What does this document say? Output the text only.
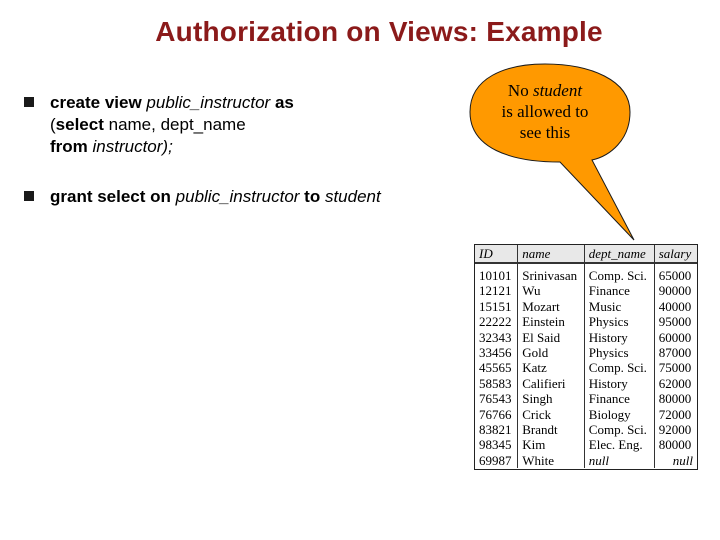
Authorization on Views: Example
create view public_instructor as
(select name, dept_name
from instructor);
grant select on public_instructor to student
No student
is allowed to
see this
ID	name	dept_name	salary
10101	Srinivasan	Comp. Sci.	65000
12121	Wu	Finance	90000
15151	Mozart	Music	40000
22222	Einstein	Physics	95000
32343	El Said	History	60000
33456	Gold	Physics	87000
45565	Katz	Comp. Sci.	75000
58583	Califieri	History	62000
76543	Singh	Finance	80000
76766	Crick	Biology	72000
83821	Brandt	Comp. Sci.	92000
98345	Kim	Elec. Eng.	80000
69987	White	null	null
